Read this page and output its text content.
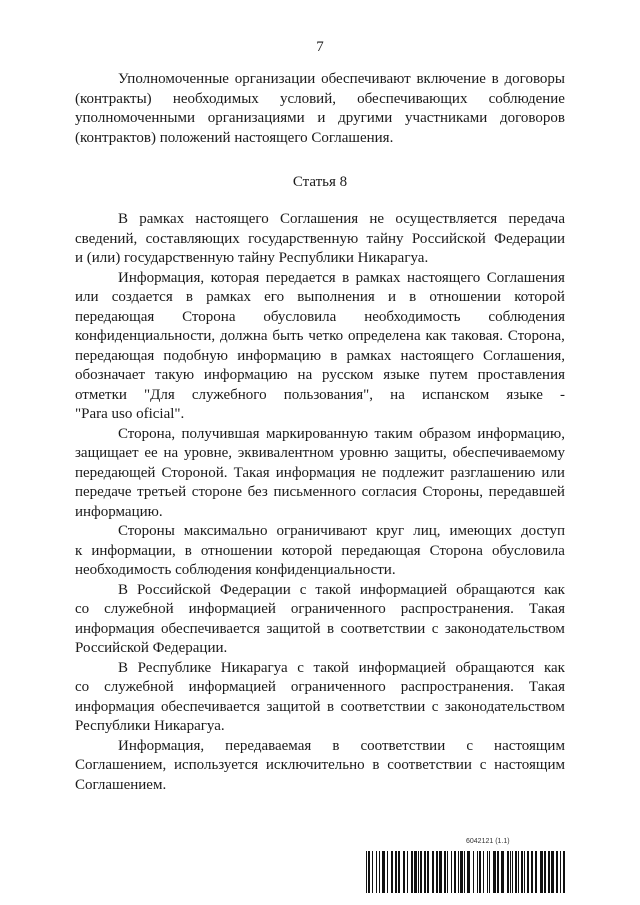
7
Уполномоченные организации обеспечивают включение в договоры
(контракты) необходимых условий, обеспечивающих соблюдение
уполномоченными организациями и другими участниками договоров
(контрактов) положений настоящего Соглашения.
Статья 8
В рамках настоящего Соглашения не осуществляется передача
сведений, составляющих государственную тайну Российской Федерации
и (или) государственную тайну Республики Никарагуа.
Информация, которая передается в рамках настоящего Соглашения
или создается в рамках его выполнения и в отношении которой
передающая Сторона обусловила необходимость соблюдения
конфиденциальности, должна быть четко определена как таковая. Сторона,
передающая подобную информацию в рамках настоящего Соглашения,
обозначает такую информацию на русском языке путем проставления
отметки "Для служебного пользования", на испанском языке -
"Para uso oficial".
Сторона, получившая маркированную таким образом информацию,
защищает ее на уровне, эквивалентном уровню защиты, обеспечиваемому
передающей Стороной. Такая информация не подлежит разглашению или
передаче третьей стороне без письменного согласия Стороны, передавшей
информацию.
Стороны максимально ограничивают круг лиц, имеющих доступ
к информации, в отношении которой передающая Сторона обусловила
необходимость соблюдения конфиденциальности.
В Российской Федерации с такой информацией обращаются как
со служебной информацией ограниченного распространения. Такая
информация обеспечивается защитой в соответствии с законодательством
Российской Федерации.
В Республике Никарагуа с такой информацией обращаются как
со служебной информацией ограниченного распространения. Такая
информация обеспечивается защитой в соответствии с законодательством
Республики Никарагуа.
Информация, передаваемая в соответствии с настоящим
Соглашением, используется исключительно в соответствии с настоящим
Соглашением.
6042121 (1.1)
